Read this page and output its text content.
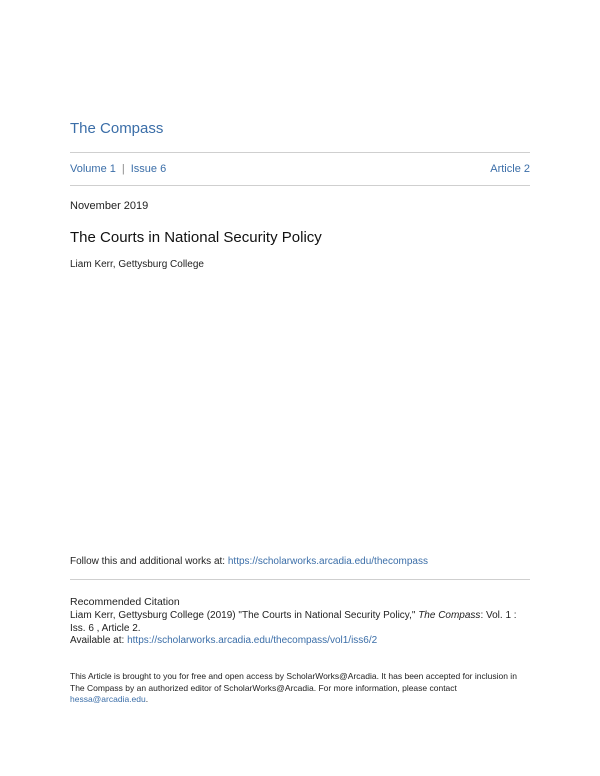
The Compass
Volume 1 | Issue 6	Article 2
November 2019
The Courts in National Security Policy
Liam Kerr, Gettysburg College
Follow this and additional works at: https://scholarworks.arcadia.edu/thecompass
Recommended Citation
Liam Kerr, Gettysburg College (2019) "The Courts in National Security Policy," The Compass: Vol. 1 : Iss. 6 , Article 2.
Available at: https://scholarworks.arcadia.edu/thecompass/vol1/iss6/2
This Article is brought to you for free and open access by ScholarWorks@Arcadia. It has been accepted for inclusion in The Compass by an authorized editor of ScholarWorks@Arcadia. For more information, please contact hessa@arcadia.edu.
